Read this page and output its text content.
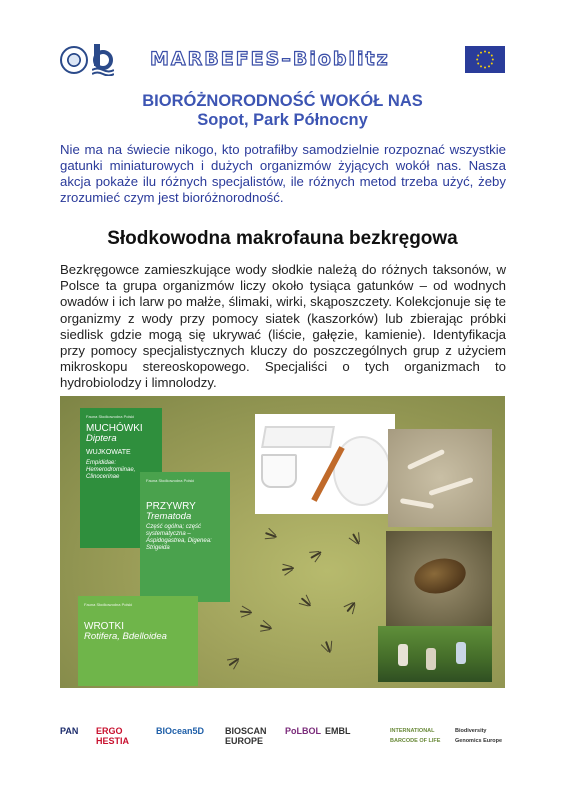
MARBEFES–Bioblitz
BIORÓŻNORODNOŚĆ WOKÓŁ NAS
Sopot, Park Północny
Nie ma na świecie nikogo, kto potrafiłby samodzielnie rozpoznać wszystkie gatunki miniaturowych i dużych organizmów żyjących wokół nas. Nasza akcja pokaże ilu różnych specjalistów, ile różnych metod trzeba użyć, żeby zrozumieć czym jest bioróżnorodność.
Słodkowodna makrofauna bezkręgowa
Bezkręgowce zamieszkujące wody słodkie należą do różnych taksonów, w Polsce ta grupa organizmów liczy około tysiąca gatunków – od wodnych owadów i ich larw po małże, ślimaki, wirki, skąposzczety. Kolekcjonuje się te organizmy z wody przy pomocy siatek (kaszorków) lub zbierając próbki siedlisk gdzie mogą się ukrywać (liście, gałęzie, kamienie). Identyfikacja przy pomocy specjalistycznych kluczy do poszczególnych grup z użyciem mikroskopu stereoskopowego. Specjaliści o tych organizmach to hydrobiolodzy i limnolodzy.
Fauna Słodkowodna Polski
MUCHÓWKI
Diptera
WUJKOWATE
Empididae: Hemerodromiinae, Clinocerinae
Fauna Słodkowodna Polski
PRZYWRY
Trematoda
Część ogólna; część systematyczna – Aspidogastrea, Digenea: Strigeida
Fauna Słodkowodna Polski
WROTKI
Rotifera, Bdelloidea
PAN	ERGO HESTIA
BIOcean5D	BIOSCAN EUROPE
PoLBOL EMBL	INTERNATIONAL BARCODE OF LIFE
Biodiversity Genomics Europe
